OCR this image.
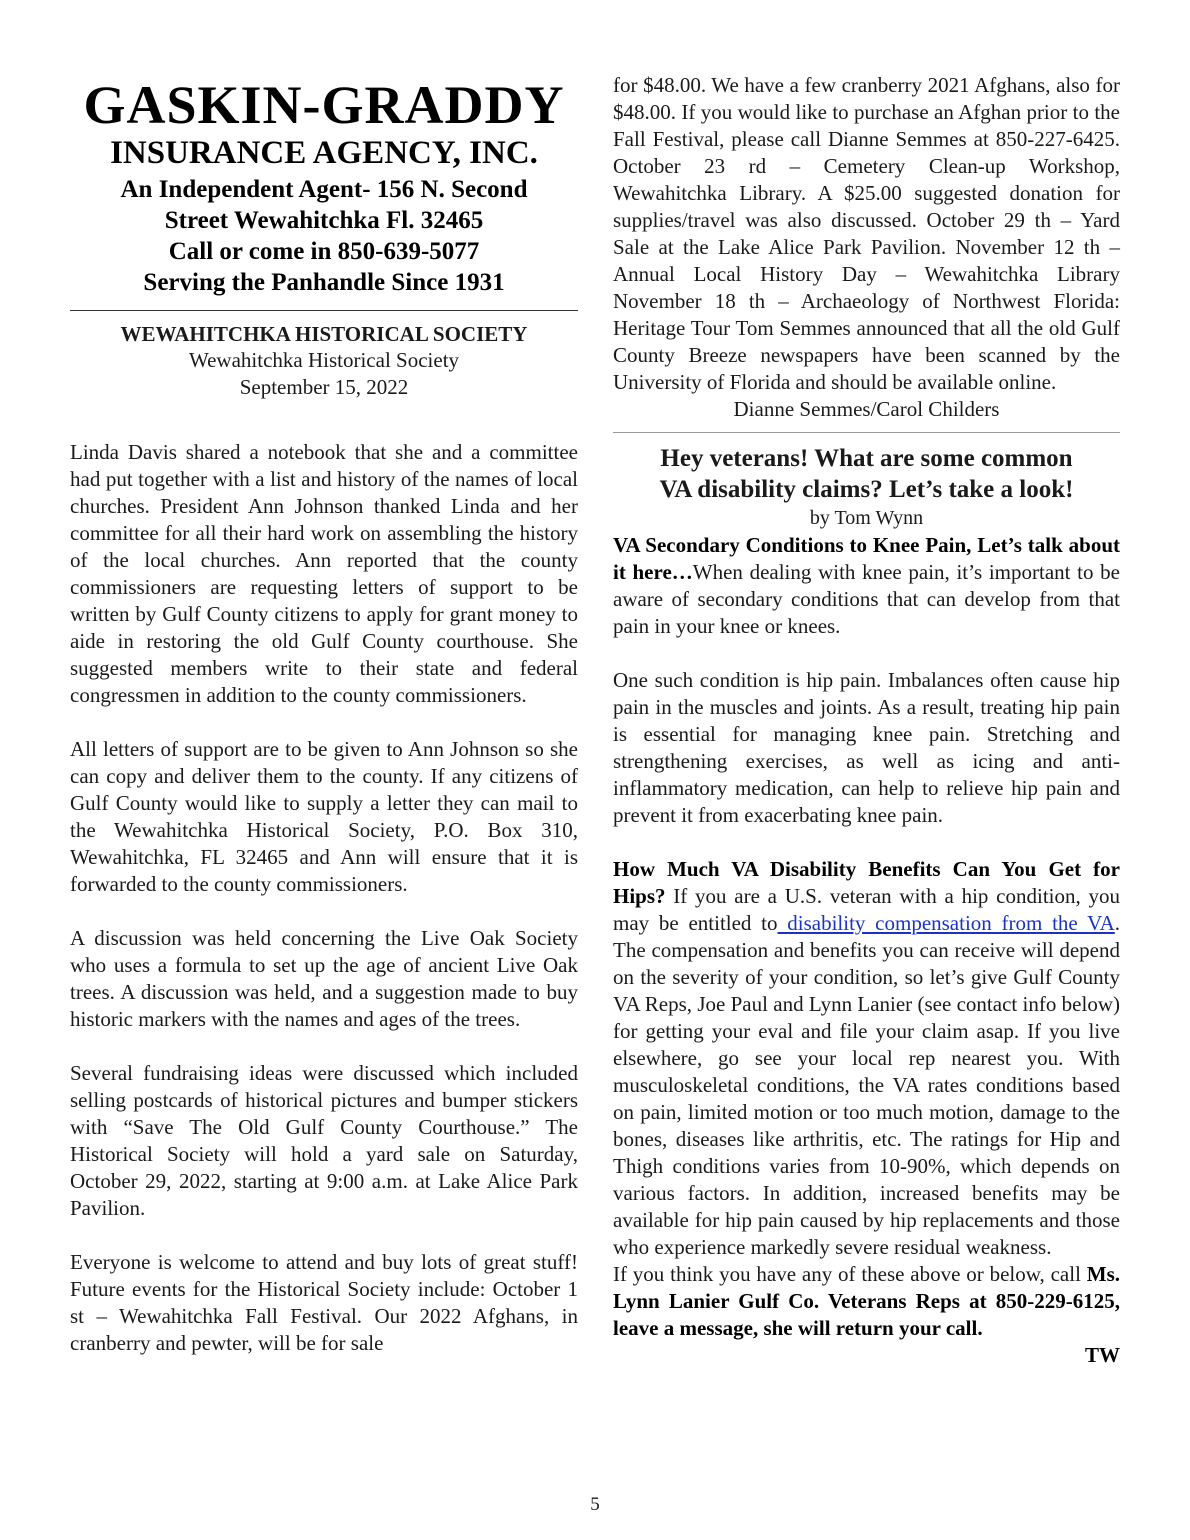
GASKIN-GRADDY
INSURANCE AGENCY, INC.
An Independent Agent- 156 N. Second
Street Wewahitchka Fl. 32465
Call or come in 850-639-5077
Serving the Panhandle Since 1931
WEWAHITCHKA HISTORICAL SOCIETY
Wewahitchka Historical Society
September 15, 2022

Linda Davis shared a notebook that she and a committee had put together with a list and history of the names of local churches. President Ann Johnson thanked Linda and her committee for all their hard work on assembling the history of the local churches. Ann reported that the county commissioners are requesting letters of support to be written by Gulf County citizens to apply for grant money to aide in restoring the old Gulf County courthouse. She suggested members write to their state and federal congressmen in addition to the county commissioners.

All letters of support are to be given to Ann Johnson so she can copy and deliver them to the county. If any citizens of Gulf County would like to supply a letter they can mail to the Wewahitchka Historical Society, P.O. Box 310, Wewahitchka, FL 32465 and Ann will ensure that it is forwarded to the county commissioners.

A discussion was held concerning the Live Oak Society who uses a formula to set up the age of ancient Live Oak trees. A discussion was held, and a suggestion made to buy historic markers with the names and ages of the trees.

Several fundraising ideas were discussed which included selling postcards of historical pictures and bumper stickers with “Save The Old Gulf County Courthouse.” The Historical Society will hold a yard sale on Saturday, October 29, 2022, starting at 9:00 a.m. at Lake Alice Park Pavilion.

Everyone is welcome to attend and buy lots of great stuff! Future events for the Historical Society include: October 1 st – Wewahitchka Fall Festival. Our 2022 Afghans, in cranberry and pewter, will be for sale

for $48.00. We have a few cranberry 2021 Afghans, also for $48.00. If you would like to purchase an Afghan prior to the Fall Festival, please call Dianne Semmes at 850-227-6425. October 23 rd – Cemetery Clean-up Workshop, Wewahitchka Library. A $25.00 suggested donation for supplies/travel was also discussed. October 29 th – Yard Sale at the Lake Alice Park Pavilion. November 12 th – Annual Local History Day – Wewahitchka Library November 18 th – Archaeology of Northwest Florida: Heritage Tour Tom Semmes announced that all the old Gulf County Breeze newspapers have been scanned by the University of Florida and should be available online.

Dianne Semmes/Carol Childers
Hey veterans! What are some common
VA disability claims? Let’s take a look!
by Tom Wynn

VA Secondary Conditions to Knee Pain, Let’s talk about it here…When dealing with knee pain, it’s important to be aware of secondary conditions that can develop from that pain in your knee or knees.

One such condition is hip pain. Imbalances often cause hip pain in the muscles and joints. As a result, treating hip pain is essential for managing knee pain. Stretching and strengthening exercises, as well as icing and anti-inflammatory medication, can help to relieve hip pain and prevent it from exacerbating knee pain.

How Much VA Disability Benefits Can You Get for Hips? If you are a U.S. veteran with a hip condition, you may be entitled to disability compensation from the VA. The compensation and benefits you can receive will depend on the severity of your condition, so let’s give Gulf County VA Reps, Joe Paul and Lynn Lanier (see contact info below) for getting your eval and file your claim asap. If you live elsewhere, go see your local rep nearest you. With musculoskeletal conditions, the VA rates conditions based on pain, limited motion or too much motion, damage to the bones, diseases like arthritis, etc. The ratings for Hip and Thigh conditions varies from 10-90%, which depends on various factors. In addition, increased benefits may be available for hip pain caused by hip replacements and those who experience markedly severe residual weakness.

If you think you have any of these above or below, call Ms. Lynn Lanier Gulf Co. Veterans Reps at 850-229-6125, leave a message, she will return your call.

TW
5
